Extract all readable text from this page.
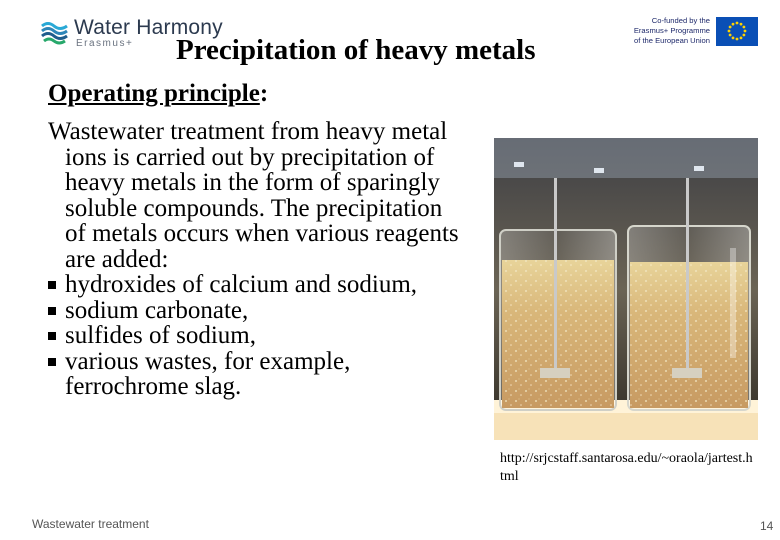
Water Harmony
Erasmus+
Co-funded by the
Erasmus+ Programme
of the European Union
Precipitation of heavy metals
Operating principle:

Wastewater treatment from heavy metal ions is carried out by precipitation of heavy metals in the form of sparingly soluble compounds. The precipitation of metals occurs when various reagents are added:

hydroxides of calcium and sodium,
sodium carbonate,
sulfides of sodium,
various wastes, for example, ferrochrome slag.
http://srjcstaff.santarosa.edu/~oraola/jartest.html
Wastewater treatment	14
